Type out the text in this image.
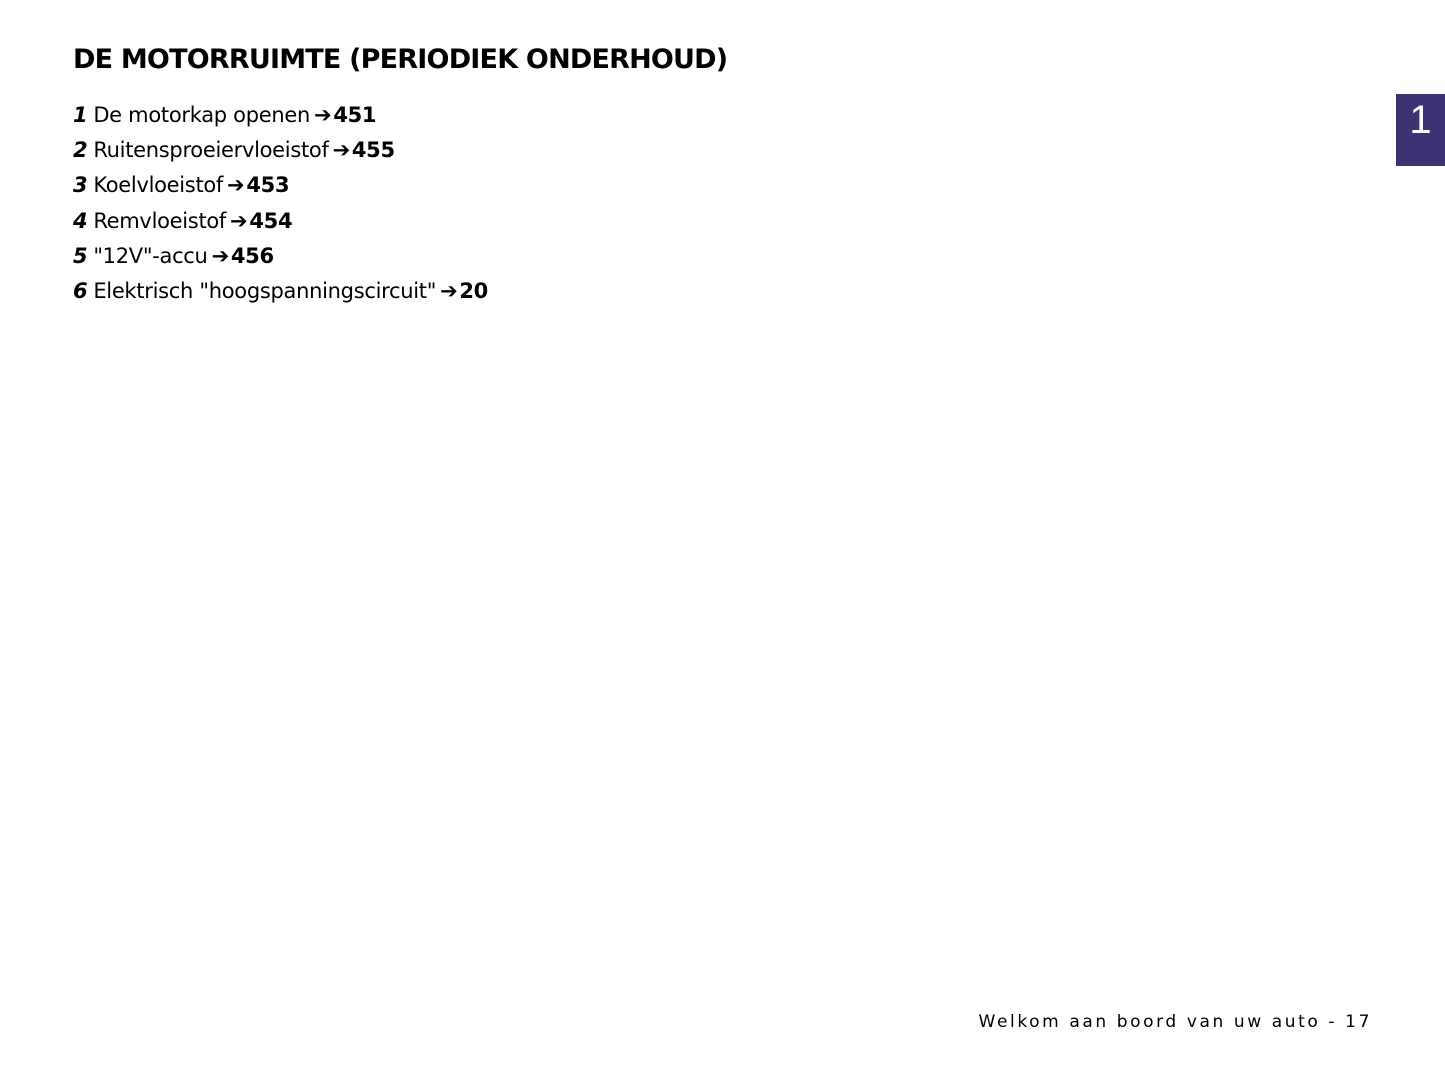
DE MOTORRUIMTE (PERIODIEK ONDERHOUD)
1 De motorkap openen ➔451
2 Ruitensproeiervloeistof ➔455
3 Koelvloeistof ➔453
4 Remvloeistof ➔454
5 "12V"-accu ➔456
6 Elektrisch "hoogspanningscircuit" ➔20
1
Welkom aan boord van uw auto - 17
